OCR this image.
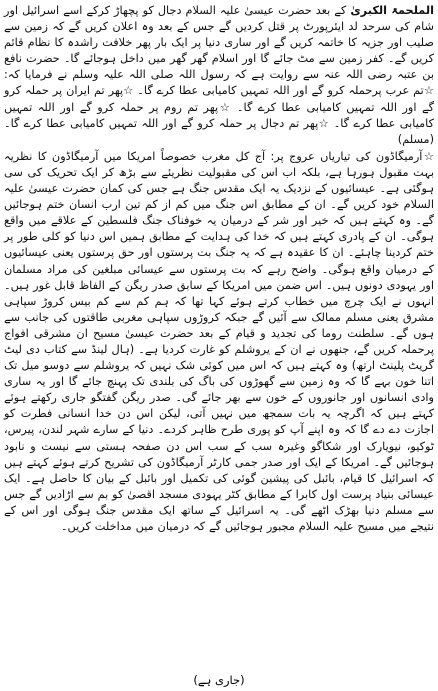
الملحمۃ الکبریٰ کے بعد حضرت عیسیٰ علیہ السلام دجال کو پچھاڑ کرکے اسے اسرائیل اور شام کی سرحد لد ایئرپورٹ پر قتل کردیں گے جس کے بعد وہ اعلان کریں گے کہ زمین سے صلیب اور جزیہ کا خاتمہ کریں گے اور ساری دنیا پر ایک بار پھر خلافت راشدہ کا نظام قائم کریں گے۔ کفر زمین سے مٹ جائے گا اور اسلام گھر گھر میں داخل ہوجائے گا۔ حضرت نافع بن عتبہ رضی اللہ عنہ سے روایت ہے کہ رسول اللہ صلی اللہ علیہ وسلم نے فرمایا کہ: ☆تم عرب پرحملہ کرو گے اور اللہ تمہیں کامیابی عطا کرے گا۔ ☆پھر تم ایران پر حملہ کرو گے اور اللہ تمہیں کامیابی عطا کرے گا۔ ☆پھر تم روم پر حملہ کرو گے اور اللہ تمہیں کامیابی عطا کرے گا۔ ☆پھر تم دجال پر حملہ کرو گے اور اللہ تمہیں کامیابی عطا کرے گا۔ (مسلم)

☆آرمیگاڈون کی تیاریاں عروج پر: آج کل مغرب خصوصاً امریکا میں آرمیگاڈون کا نظریہ بہت مقبول ہورہا ہے، بلکہ اب اس کی مقبولیت نظریئے سے بڑھ کر ایک تحریک کی سی ہوگئی ہے۔ عیسائیوں کے نزدیک یہ ایک مقدس جنگ ہے جس کی کمان حضرت عیسیٰ علیہ السلام خود کریں گے۔ ان کے مطابق اس جنگ میں کم از کم تین ارب انسان ختم ہوجائیں گے۔ وہ کہتے ہیں کہ خیر اور شر کے درمیان یہ خوفناک جنگ فلسطین کے علاقے میں واقع ہوگی۔ ان کے پادری کہتے ہیں کہ خدا کی ہدایت کے مطابق ہمیں اس دنیا کو کلی طور پر ختم کردینا چاہئے۔ ان کا عقیدہ ہے کہ یہ جنگ بت پرستوں اور حق پرستوں یعنی عیسائیوں کے درمیان واقع ہوگی۔ واضح رہے کہ بت پرستوں سے عیسائی مبلغین کی مراد مسلمان اور یہودی دونوں ہیں۔ اس ضمن میں امریکا کے سابق صدر ریگن کے الفاظ قابل غور ہیں۔ انہوں نے ایک چرچ میں خطاب کرتے ہوئے کہا تھا کہ ہم کم سے کم بیس کروڑ سپاہی مشرق یعنی مسلم ممالک سے آئیں گے جبکہ کروڑوں سپاہی مغربی طاقتوں کی جانب سے ہوں گے۔ سلطنت روما کی تجدید و قیام کے بعد حضرت عیسیٰ مسیح ان مشرقی افواج پرحملہ کریں گے، جنھوں نے ان کے یروشلم کو غارت کردیا ہے۔ (ہال لینڈ سے کتاب دی لیٹ گریٹ پلینٹ ارتھ) وہ کہتے ہیں کہ اس میں کوئی شک نہیں کہ یروشلم سے دوسو میل تک اتنا خون بہے گا کہ وہ زمین سے گھوڑوں کی باگ کی بلندی تک پہنچ جائے گا اور یہ ساری وادی انسانوں اور جانوروں کے خون سے بھر جائے گی۔ صدر ریگن گفتگو جاری رکھتے ہوئے کہتے ہیں کہ اگرچہ یہ بات سمجھ میں نہیں آتی، لیکن اس دن خدا انسانی فطرت کو اجازت دے دے گا کہ وہ اپنے آپ کو پوری طرح ظاہر کردے۔ دنیا کے سارے شہر لندن، پیرس، ٹوکیو، نیویارک اور شکاگو وغیرہ سب کے سب اس دن صفحہ ہستی سے نیست و نابود ہوجائیں گے۔ امریکا کے ایک اور صدر جمی کارٹر آرمیگاڈون کی تشریح کرتے ہوئے کہتے ہیں کہ اسرائیل کا قیام، بائبل کی پیشین گوئی کی تکمیل اور بائبل کے بیان کا حاصل ہے۔ ایک عیسائی بنیاد پرست اول کابرا کے مطابق کٹر یہودی مسجد اقصیٰ کو بم سے اڑادیں گے جس سے مسلم دنیا بھڑک اٹھے گی۔ یہ اسرائیل کے ساتھ ایک مقدس جنگ ہوگی اور اس کے نتیجے میں مسیح علیہ السلام مجبور ہوجائیں گے کہ درمیان میں مداخلت کریں۔

(جاری ہے)
